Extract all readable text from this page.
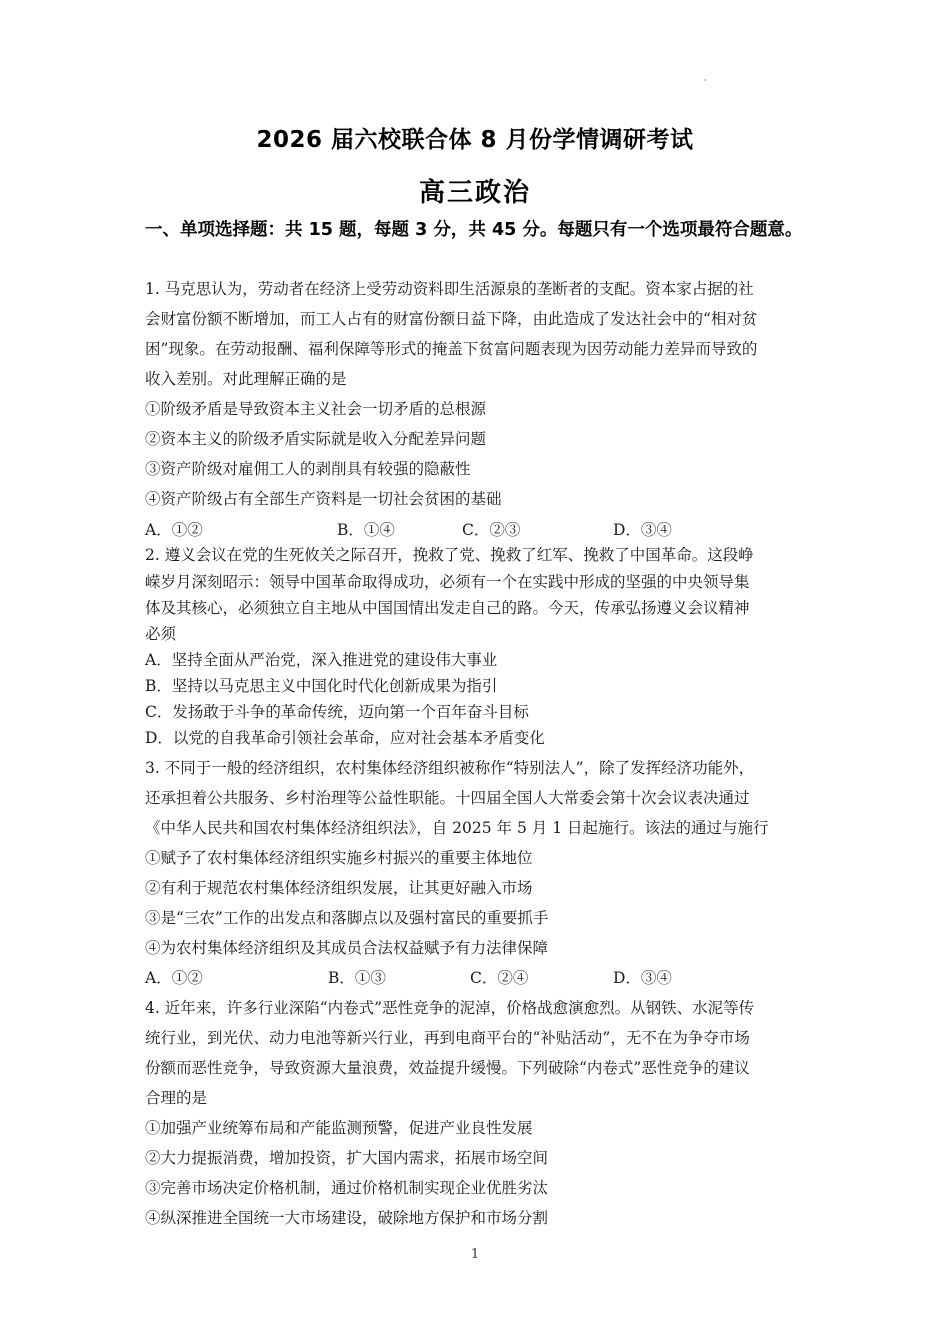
2026 届六校联合体 8 月份学情调研考试
高三政治
一、单项选择题：共 15 题，每题 3 分，共 45 分。每题只有一个选项最符合题意。
1. 马克思认为，劳动者在经济上受劳动资料即生活源泉的垄断者的支配。资本家占据的社
会财富份额不断增加，而工人占有的财富份额日益下降，由此造成了发达社会中的“相对贫
困”现象。在劳动报酬、福利保障等形式的掩盖下贫富问题表现为因劳动能力差异而导致的
收入差别。对此理解正确的是
①阶级矛盾是导致资本主义社会一切矛盾的总根源
②资本主义的阶级矛盾实际就是收入分配差异问题
③资产阶级对雇佣工人的剥削具有较强的隐蔽性
④资产阶级占有全部生产资料是一切社会贫困的基础
A．①②	B．①④	C．②③	D．③④
2. 遵义会议在党的生死攸关之际召开，挽救了党、挽救了红军、挽救了中国革命。这段峥
嵘岁月深刻昭示：领导中国革命取得成功，必须有一个在实践中形成的坚强的中央领导集
体及其核心，必须独立自主地从中国国情出发走自己的路。今天，传承弘扬遵义会议精神
必须
A．坚持全面从严治党，深入推进党的建设伟大事业
B．坚持以马克思主义中国化时代化创新成果为指引
C．发扬敢于斗争的革命传统，迈向第一个百年奋斗目标
D．以党的自我革命引领社会革命，应对社会基本矛盾变化
3. 不同于一般的经济组织，农村集体经济组织被称作“特别法人”，除了发挥经济功能外，
还承担着公共服务、乡村治理等公益性职能。十四届全国人大常委会第十次会议表决通过
《中华人民共和国农村集体经济组织法》，自 2025 年 5 月 1 日起施行。该法的通过与施行
①赋予了农村集体经济组织实施乡村振兴的重要主体地位
②有利于规范农村集体经济组织发展，让其更好融入市场
③是“三农”工作的出发点和落脚点以及强村富民的重要抓手
④为农村集体经济组织及其成员合法权益赋予有力法律保障
A．①②	B．①③	C．②④	D．③④
4. 近年来，许多行业深陷“内卷式”恶性竞争的泥淖，价格战愈演愈烈。从钢铁、水泥等传
统行业，到光伏、动力电池等新兴行业，再到电商平台的“补贴活动”，无不在为争夺市场
份额而恶性竞争，导致资源大量浪费，效益提升缓慢。下列破除“内卷式”恶性竞争的建议
合理的是
①加强产业统筹布局和产能监测预警，促进产业良性发展
②大力提振消费，增加投资，扩大国内需求，拓展市场空间
③完善市场决定价格机制，通过价格机制实现企业优胜劣汰
④纵深推进全国统一大市场建设，破除地方保护和市场分割
1
